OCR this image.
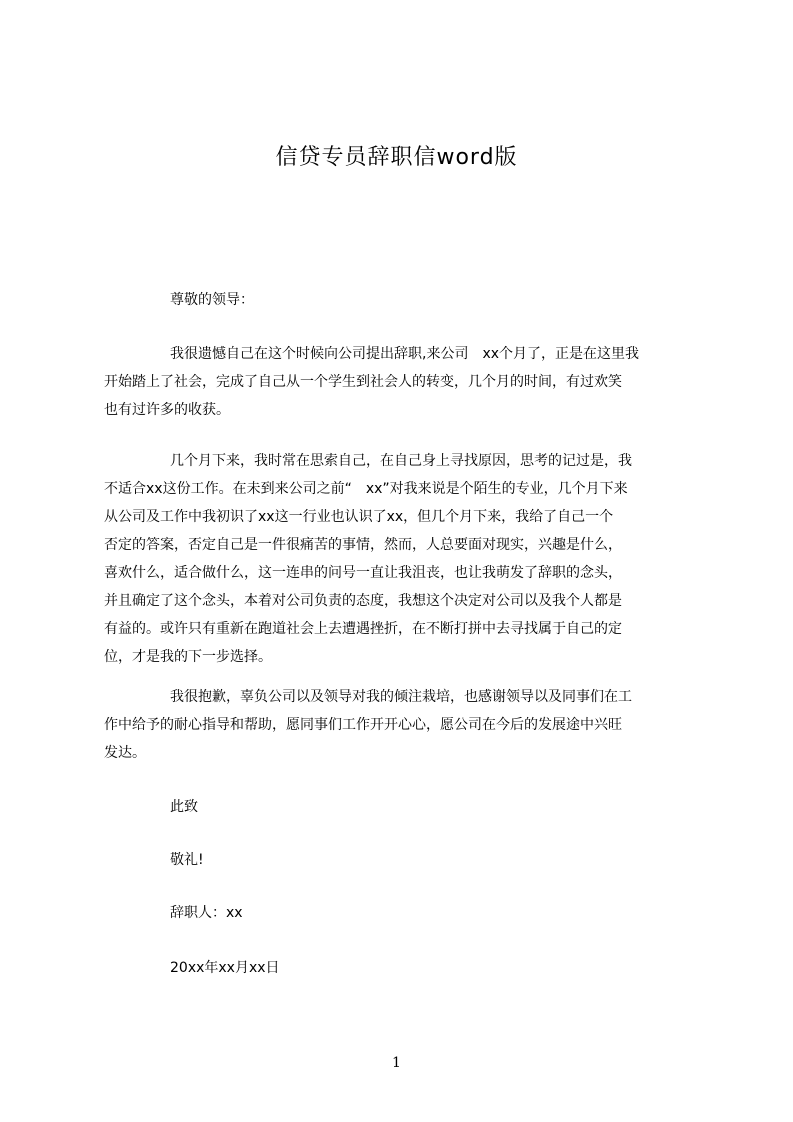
信贷专员辞职信word版
尊敬的领导：
我很遗憾自己在这个时候向公司提出辞职,来公司　xx个月了，正是在这里我
开始踏上了社会，完成了自己从一个学生到社会人的转变，几个月的时间，有过欢笑
也有过许多的收获。
几个月下来，我时常在思索自己，在自己身上寻找原因，思考的记过是，我
不适合xx这份工作。在未到来公司之前“　xx”对我来说是个陌生的专业，几个月下来
从公司及工作中我初识了xx这一行业也认识了xx，但几个月下来，我给了自己一个
否定的答案，否定自己是一件很痛苦的事情，然而，人总要面对现实，兴趣是什么，
喜欢什么，适合做什么，这一连串的问号一直让我沮丧，也让我萌发了辞职的念头，
并且确定了这个念头，本着对公司负责的态度，我想这个决定对公司以及我个人都是
有益的。或许只有重新在跑道社会上去遭遇挫折，在不断打拼中去寻找属于自己的定
位，才是我的下一步选择。
我很抱歉，辜负公司以及领导对我的倾注栽培，也感谢领导以及同事们在工
作中给予的耐心指导和帮助，愿同事们工作开开心心，愿公司在今后的发展途中兴旺
发达。
此致
敬礼!
辞职人：xx
20xx年xx月xx日
1
